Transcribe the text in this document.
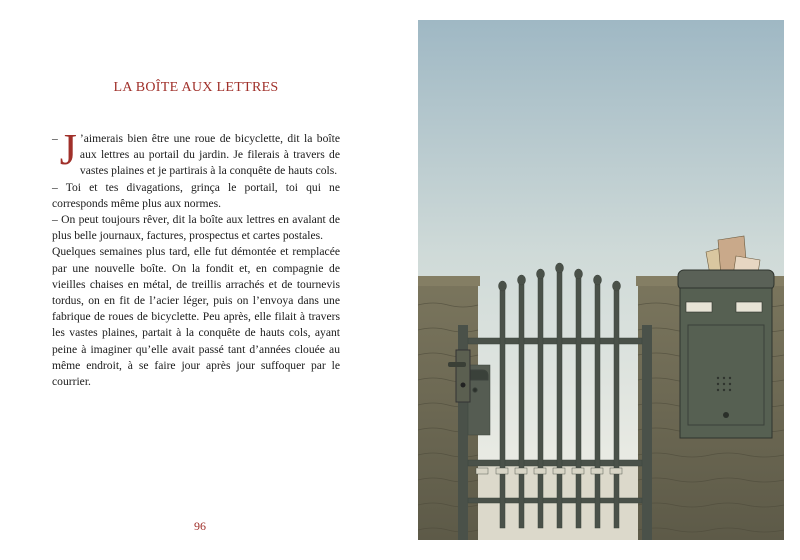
LA BOÎTE AUX LETTRES

– J ’aimerais bien être une roue de bicyclette, dit la boîte aux lettres au portail du jardin. Je filerais à travers de vastes plaines et je partirais à la conquête de hauts cols.

– Toi et tes divagations, grinça le portail, toi qui ne corresponds même plus aux normes.

– On peut toujours rêver, dit la boîte aux lettres en avalant de plus belle journaux, factures, prospectus et cartes postales.

Quelques semaines plus tard, elle fut démontée et remplacée par une nouvelle boîte. On la fondit et, en compagnie de vieilles chaises en métal, de treillis arrachés et de tournevis tordus, on en fit de l’acier léger, puis on l’envoya dans une fabrique de roues de bicyclette. Peu après, elle filait à travers les vastes plaines, partait à la conquête de hauts cols, ayant peine à imaginer qu’elle avait passé tant d’années clouée au même endroit, à se faire jour après jour suffoquer par le courrier.

96
